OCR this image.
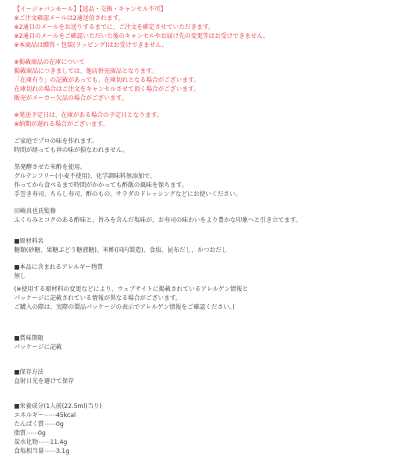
【イージャパンモール】【返品・交換・キャンセル不可】
※ご注文確認メールは2通送信されます。
※2通目のメールをお送りするまでに、ご注文を確定させていただきます。
※2通目のメールをご確認いただいた後のキャンセルやお届け先の変更等はお受けできません。
※本商品は贈答・包装(ラッピング)はお受けできません。
※掲載商品の在庫について
掲載商品につきましては、他店併売商品となります。
「在庫有り」の記載があっても、在庫切れとなる場合がございます。
在庫切れの場合はご注文をキャンセルさせて頂く場合がございます。
販売がメーカー欠品の場合がございます。
※発送予定日は、在庫がある場合の予定日となります。
※納期が遅れる場合がございます。
ご家庭でプロの味を作れます。
時間が経っても丼の味が損なわれません。
黒発酵させた米酢を使用。
グルテンフリー(小麦不使用)、化学調味料無添加で、
作ってから食べるまで時間がかかっても酢飯の風味を保ちます。
手巻き寿司、ちらし寿司、酢のもの、サラダのドレッシングなどにお使いください。
田崎真也氏監修
ふくらみとコクのある酢味と、旨みを含んだ塩味が、お寿司の味わいをより豊かな印象へと引き立てます。
■原材料名
糖類(砂糖、果糖ぶどう糖液糖)、米酢(国内製造)、食塩、昆布だし、かつおだし
■本品に含まれるアレルギー物質
無し
(※使用する原材料の変更などにより、ウェブサイトに掲載されているアレルゲン情報と
パッケージに記載されている情報が異なる場合がございます。
ご購入の際は、実際の製品パッケージの表示でアレルゲン情報をご確認ください。)
■賞味期限
パッケージに記載
■保存方法
直射日光を避けて保存
■栄養成分(1人前(22.5ml)当り)
エネルギー⋯⋯45kcal
たんぱく質⋯⋯0g
脂質⋯⋯0g
炭水化物⋯⋯11.4g
食塩相当量⋯⋯3.1g
